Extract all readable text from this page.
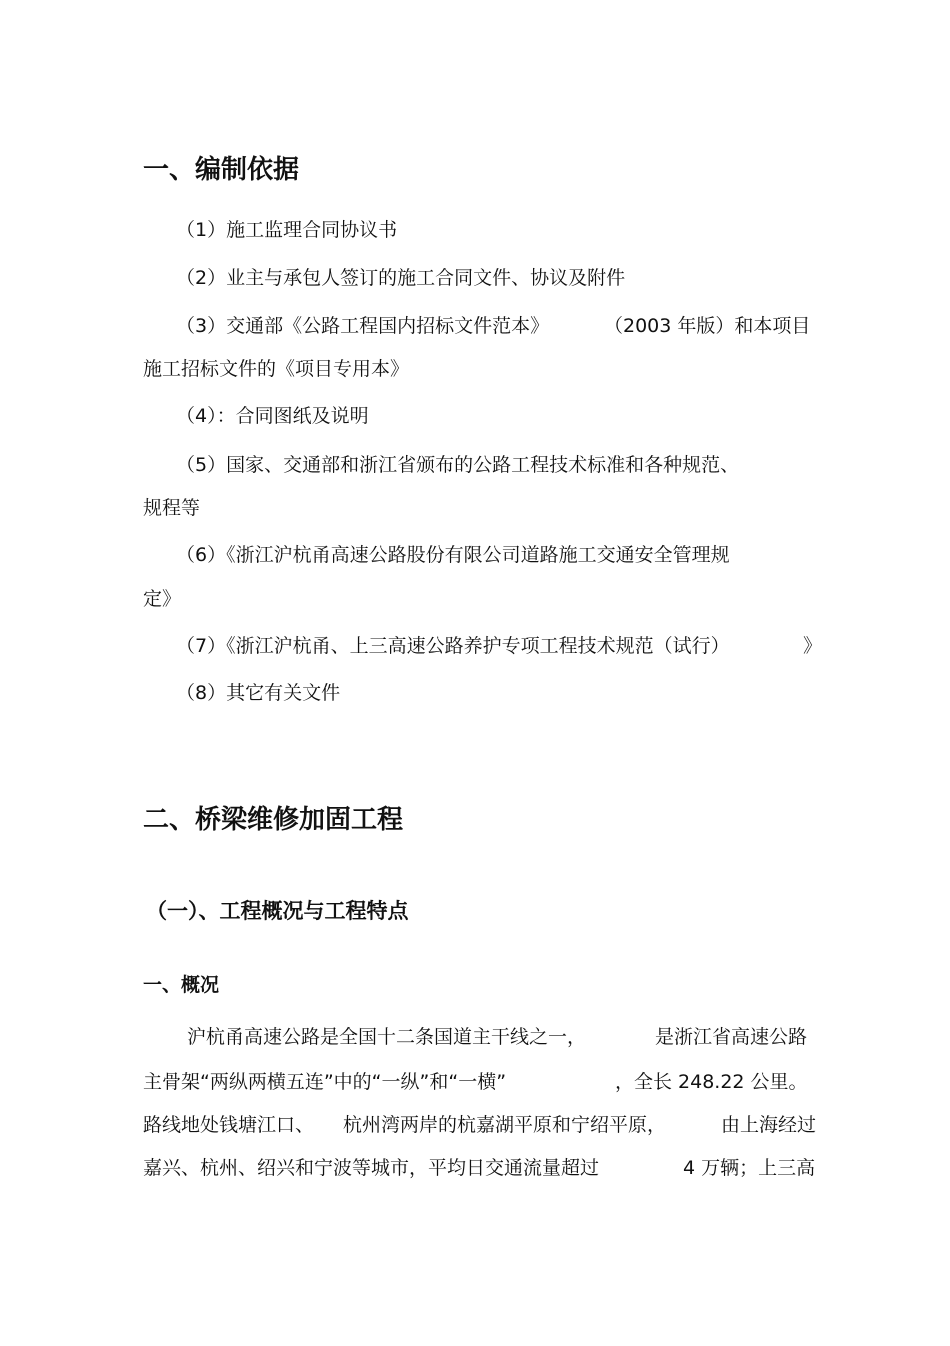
一、编制依据

（1）施工监理合同协议书

（2）业主与承包人签订的施工合同文件、协议及附件

（3）交通部《公路工程国内招标文件范本》	（2003 年版）和本项目

施工招标文件的《项目专用本》

（4）：合同图纸及说明

（5）国家、交通部和浙江省颁布的公路工程技术标准和各种规范、

规程等

（6）《浙江沪杭甬高速公路股份有限公司道路施工交通安全管理规

定》

（7）《浙江沪杭甬、上三高速公路养护专项工程技术规范（试行）	》

（8）其它有关文件

二、桥梁维修加固工程
（一）、工程概况与工程特点
一、概况

沪杭甬高速公路是全国十二条国道主干线之一，	是浙江省高速公路

主骨架“两纵两横五连”中的“一纵”和“一横”	，全长 248.22 公里。

路线地处钱塘江口、 杭州湾两岸的杭嘉湖平原和宁绍平原，	由上海经过

嘉兴、杭州、绍兴和宁波等城市，平均日交通流量超过	4 万辆；上三高
